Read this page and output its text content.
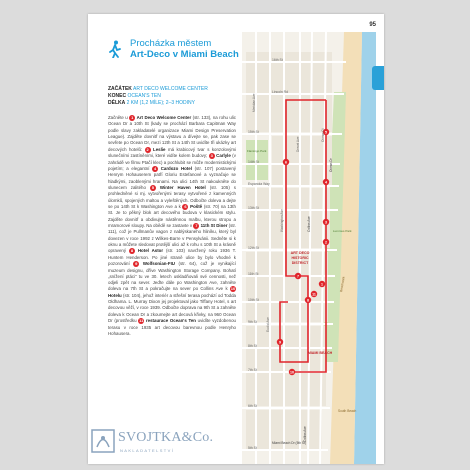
95
Procházka městem
Art-Deco v Miami Beach
ZAČÁTEK ART DECO WELCOME CENTER
KONEC OCEAN'S TEN
DÉLKA 2 KM (1,2 MÍLE); 2–3 HODINY

Začněte u 1 Art Deco Welcome Center (str. 133), na rohu ulic Ocean Dr a 10th St (kady se prochází Barbara Capitman Way podle slavy zakladatelé organizace Miami Design Preservation League). Zajděte dovnitř na výstavu a dívejte se, pak zase se sevřete po Ocean Dr, mezi 12th St a 14th St uvidíte tři ukázky art decových hotelů: 2 Leslie má krabicový tvar s konzolovými slunečními zastíněními, které vidíte kolem budovy; 3 Carlyle (v zahrádě ve filmu Ptačí klec) a pochlubit se může modernistickými pojetím; a elegantní 4 Cardozo Hotel (str. 107) postavený Henrym Hohauserem patří Gloriu Estefanové a vyznačuje se hladkými, zaoblenými hranami. Na ulici 14th St nakoukněte do slunecem zalitého 5 Winter Haven Hotel (str. 105) s prohledněné si mj. vytvořenými terasy vytvořené z kamenných úlomků, spojených maltou a vyleštěných. Odbočte doleva a dejte se po 14th St k Washington Ave a k 6 Poště (str. 70) na 13th St. Je to pěkný blok art decového budova v klasickém stylu. Zajděte dovnitř a obdivujte nástěnnou malbu, kterou stropu a mramorové sloupy. Na obědě se zastavte v 7 11th St Diner (str. 111), což je Pullmanův vagon z nablýskaného hliníku, který byl dovezen v roce 1992 z Wilkes-Barre v Pensylvánii. Sedněte si k oknu a můžete sledovat protější ulici až k rohu s 10th St a krásně opravený 8 Hotel Astor (str. 103) navržený roku 1936 T. Huntem Henderson. Po jiné straně ulice by bylo vhodné k pozorování 9 Wolfsonian-FIU (str. 64), což je vynikající muzeum designu, dříve Washington Storage Company. Bohatí „snížení ptáci“ tu ve 30. letech uskladňovali své cennosti, než odjeli zpět na sever. Jeďte dále po Washington Ave, zahněte doleva na 7th St a pokračujte na sever po Collins Ave k 10 Hotelu (str. 104), jehož interiér a střešní terasa pochází od Todda Oldhama. L. Murray Dixon jej projektoval jako Tiffany Hotel, s art decovou věží, v roce 1939. Odbočte doprava na 9th St a zahněte doleva k Ocean Dr a zkoumejte art decová křivky, na 960 Ocean Dr (prostředku 11 restaurace Ocean's Ten uvidíte vyzdobenou terasu v roce 1935 art decovou barevnou podle Henryho Hohausera.

1
2
3
4
5
6
7
8
9
10
11
16th St
Lincoln Rd
15th St
14th St
Espanola Way
13th St
12th St
11th St
10th St
9th St
8th St
7th St
6th St
5th St
Flamingo Park
Lummus Park
Miami Beach Dr (5th St)
Meridian Ave
Euclid Ave
Washington Ave
Drexel Ave
Collins Ave
Collins Ave
Ocean Ct
Ocean Dr
Beachwalk
ART DECO
HISTORIC
DISTRICT
MIAMI BEACH
South Beach
SVOJTKA&Co.
NAKLADATELSTVÍ
